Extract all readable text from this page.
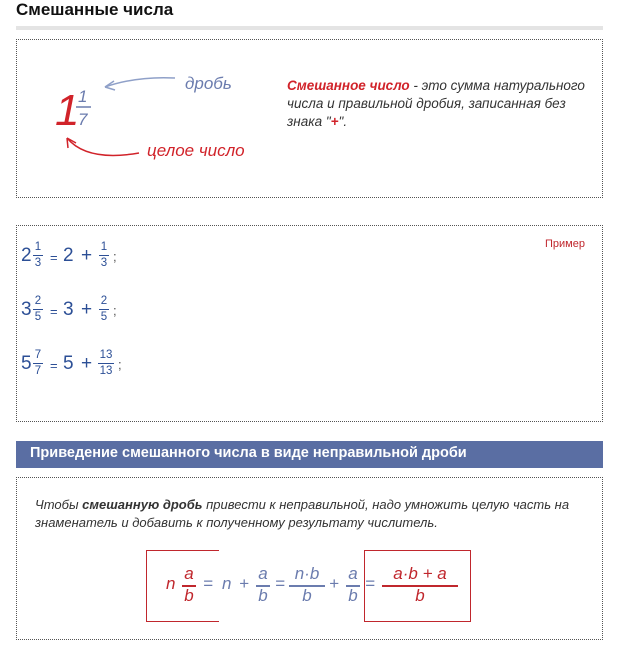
Смешанные числа
1
1
7
дробь
целое число
Смешанное число - это сумма натурального числа и правильной дробия, записанная без знака "+".
Пример
2 1
3 = 2 + 1
3 ;
3 2
5 = 3 + 2
5 ;
5 7
7 = 5 + 13
13 ;
Приведение смешанного числа в виде неправильной дроби
Чтобы смешанную дробь привести к неправильной, надо умножить целую часть на знаменатель и добавить к полученному результату числитель.
n
a
b
= n +
a
b
=
n·b
b
+
a
b
=
a·b + a
b
